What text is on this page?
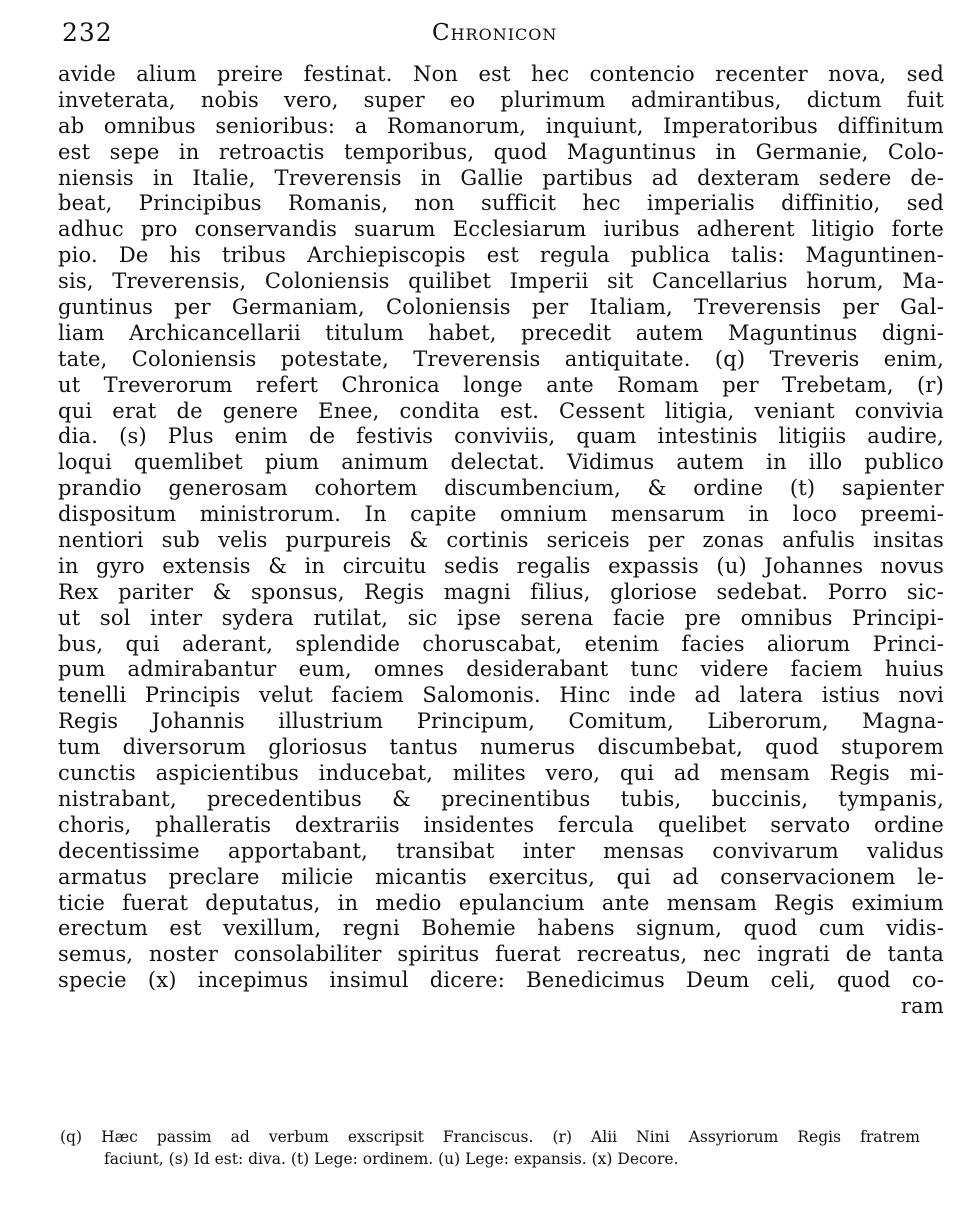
232	Chronicon
avide alium preire festinat. Non est hec contencio recenter nova, sed
inveterata, nobis vero, super eo plurimum admirantibus, dictum fuit
ab omnibus senioribus: a Romanorum, inquiunt, Imperatoribus diffinitum
est sepe in retroactis temporibus, quod Maguntinus in Germanie, Colo-
niensis in Italie, Treverensis in Gallie partibus ad dexteram sedere de-
beat, Principibus Romanis, non sufficit hec imperialis diffinitio, sed
adhuc pro conservandis suarum Ecclesiarum iuribus adherent litigio forte
pio. De his tribus Archiepiscopis est regula publica talis: Maguntinen-
sis, Treverensis, Coloniensis quilibet Imperii sit Cancellarius horum, Ma-
guntinus per Germaniam, Coloniensis per Italiam, Treverensis per Gal-
liam Archicancellarii titulum habet, precedit autem Maguntinus digni-
tate, Coloniensis potestate, Treverensis antiquitate. (q) Treveris enim,
ut Treverorum refert Chronica longe ante Romam per Trebetam, (r)
qui erat de genere Enee, condita est. Cessent litigia, veniant convivia
dia. (s) Plus enim de festivis conviviis, quam intestinis litigiis audire,
loqui quemlibet pium animum delectat. Vidimus autem in illo publico
prandio generosam cohortem discumbencium, & ordine (t) sapienter
dispositum ministrorum. In capite omnium mensarum in loco preemi-
nentiori sub velis purpureis & cortinis sericeis per zonas anfulis insitas
in gyro extensis & in circuitu sedis regalis expassis (u) Johannes novus
Rex pariter & sponsus, Regis magni filius, gloriose sedebat. Porro sic-
ut sol inter sydera rutilat, sic ipse serena facie pre omnibus Principi-
bus, qui aderant, splendide choruscabat, etenim facies aliorum Princi-
pum admirabantur eum, omnes desiderabant tunc videre faciem huius
tenelli Principis velut faciem Salomonis. Hinc inde ad latera istius novi
Regis Johannis illustrium Principum, Comitum, Liberorum, Magna-
tum diversorum gloriosus tantus numerus discumbebat, quod stuporem
cunctis aspicientibus inducebat, milites vero, qui ad mensam Regis mi-
nistrabant, precedentibus & precinentibus tubis, buccinis, tympanis,
choris, phalleratis dextrariis insidentes fercula quelibet servato ordine
decentissime apportabant, transibat inter mensas convivarum validus
armatus preclare milicie micantis exercitus, qui ad conservacionem le-
ticie fuerat deputatus, in medio epulancium ante mensam Regis eximium
erectum est vexillum, regni Bohemie habens signum, quod cum vidis-
semus, noster consolabiliter spiritus fuerat recreatus, nec ingrati de tanta
specie (x) incepimus insimul dicere: Benedicimus Deum celi, quod co-
ram
(q) Hæc passim ad verbum exscripsit Franciscus. (r) Alii Nini Assyriorum Regis fratrem
faciunt, (s) Id est: diva. (t) Lege: ordinem. (u) Lege: expansis. (x) Decore.
